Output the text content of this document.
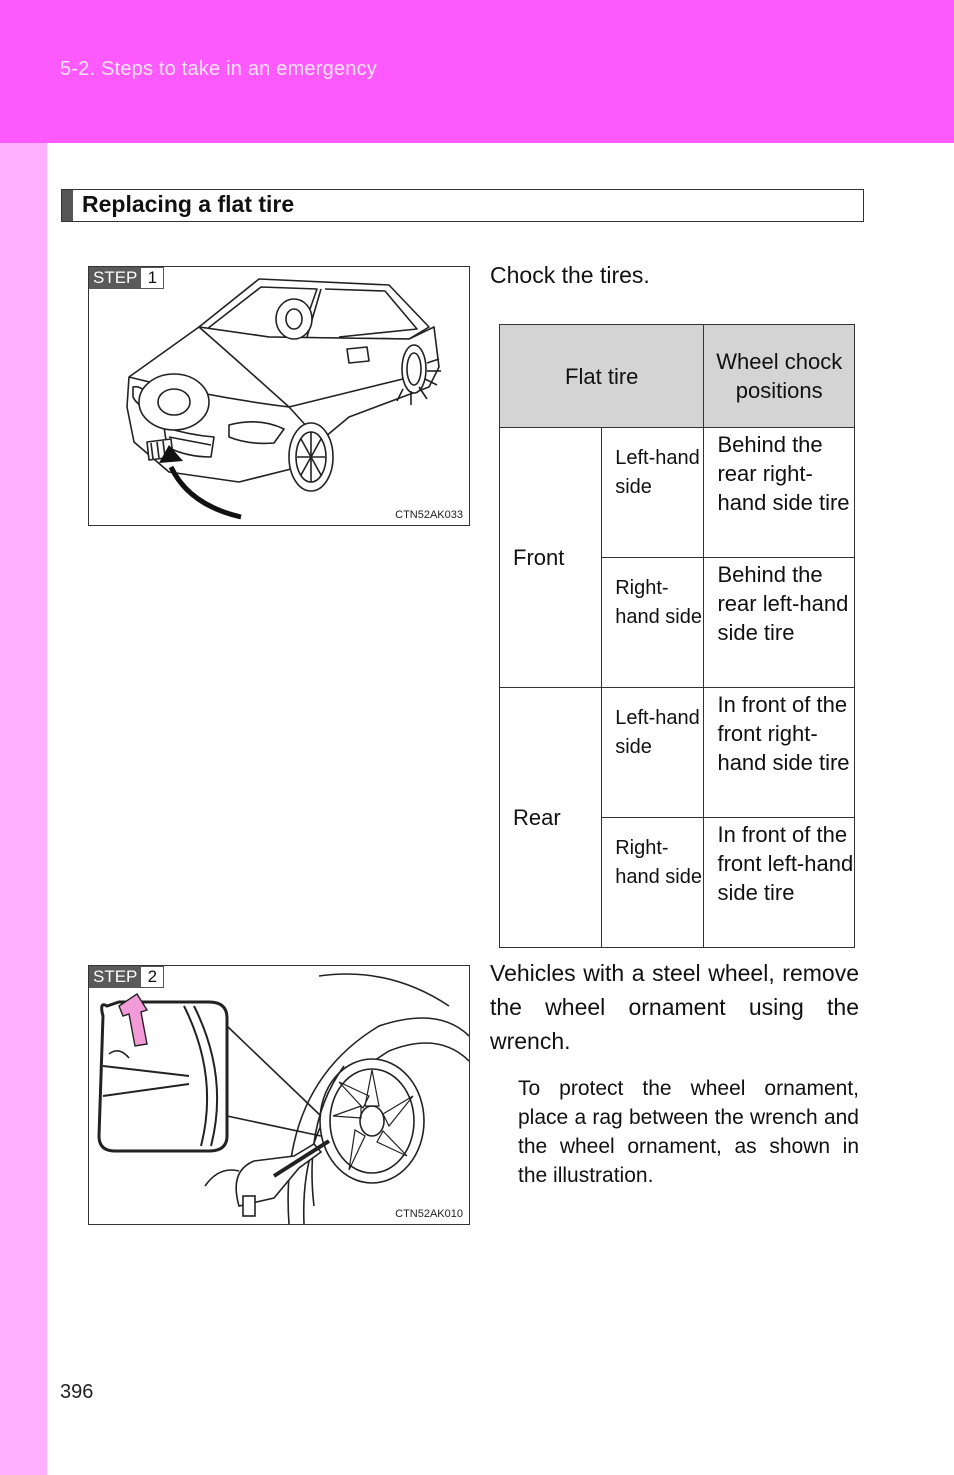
5-2. Steps to take in an emergency
Replacing a flat tire
STEP 1
CTN52AK033
Chock the tires.
Flat tire		Wheel chock positions
Front	Left-hand side	Behind the rear right-hand side tire
	Right-hand side	Behind the rear left-hand side tire
Rear	Left-hand side	In front of the front right-hand side tire
	Right-hand side	In front of the front left-hand side tire
STEP 2
CTN52AK010
Vehicles with a steel wheel, remove the wheel ornament using the wrench.
To protect the wheel ornament, place a rag between the wrench and the wheel ornament, as shown in the illustration.
396
